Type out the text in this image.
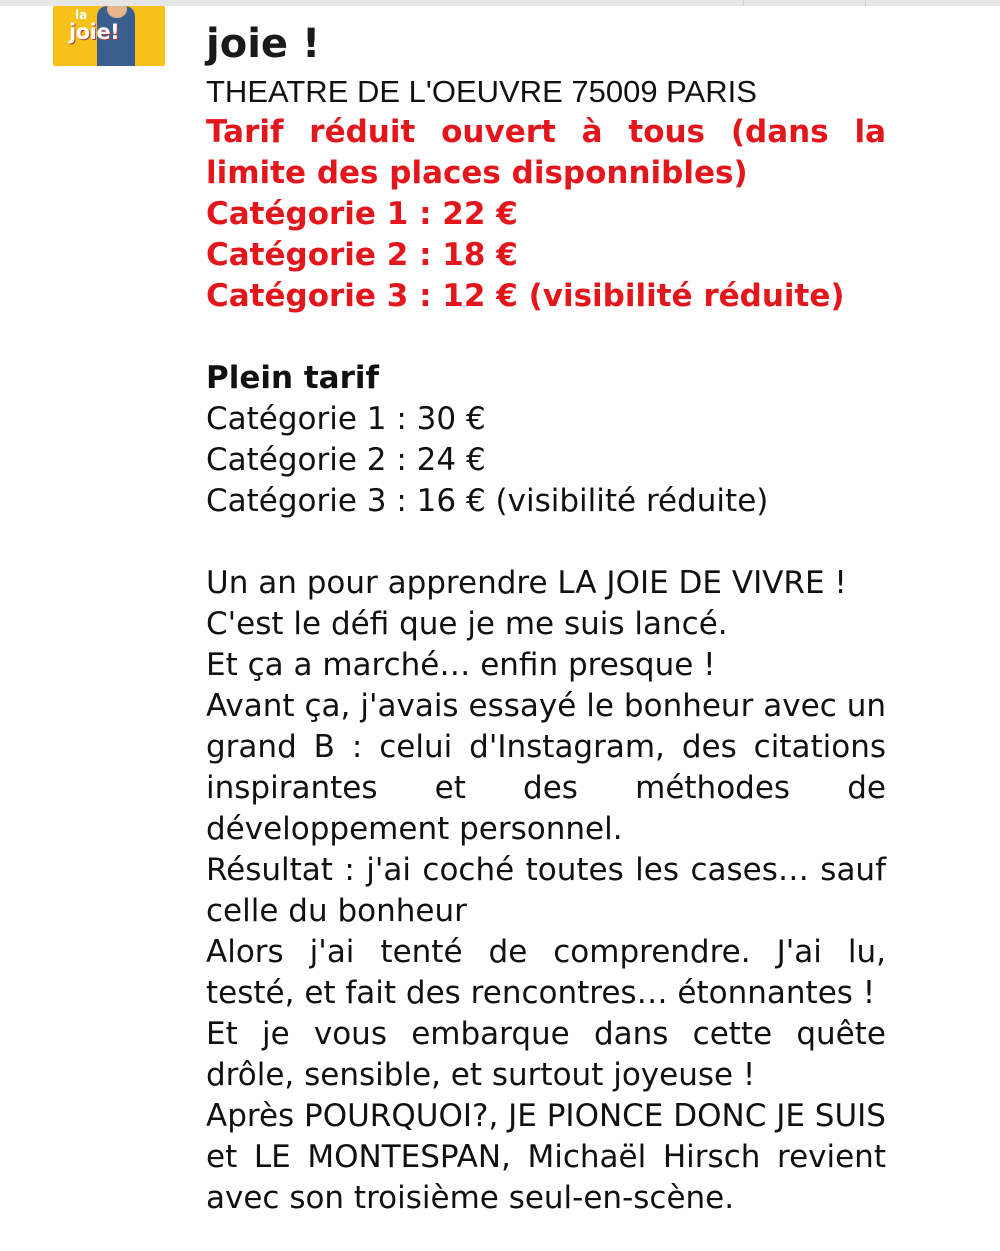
la
joie! joie !

THEATRE DE L'OEUVRE 75009 PARIS

Tarif réduit ouvert à tous (dans la limite des places disponnibles)

Catégorie 1 : 22 €

Catégorie 2 : 18 €

Catégorie 3 : 12 € (visibilité réduite)

Plein tarif

Catégorie 1 : 30 €

Catégorie 2 : 24 €

Catégorie 3 : 16 € (visibilité réduite)

Un an pour apprendre LA JOIE DE VIVRE !

C'est le défi que je me suis lancé.

Et ça a marché… enfin presque !

Avant ça, j'avais essayé le bonheur avec un grand B : celui d'Instagram, des citations inspirantes et des méthodes de développement personnel.

Résultat : j'ai coché toutes les cases… sauf celle du bonheur

Alors j'ai tenté de comprendre. J'ai lu, testé, et fait des rencontres… étonnantes !

Et je vous embarque dans cette quête drôle, sensible, et surtout joyeuse !

Après POURQUOI?, JE PIONCE DONC JE SUIS et LE MONTESPAN, Michaël Hirsch revient avec son troisième seul-en-scène.
